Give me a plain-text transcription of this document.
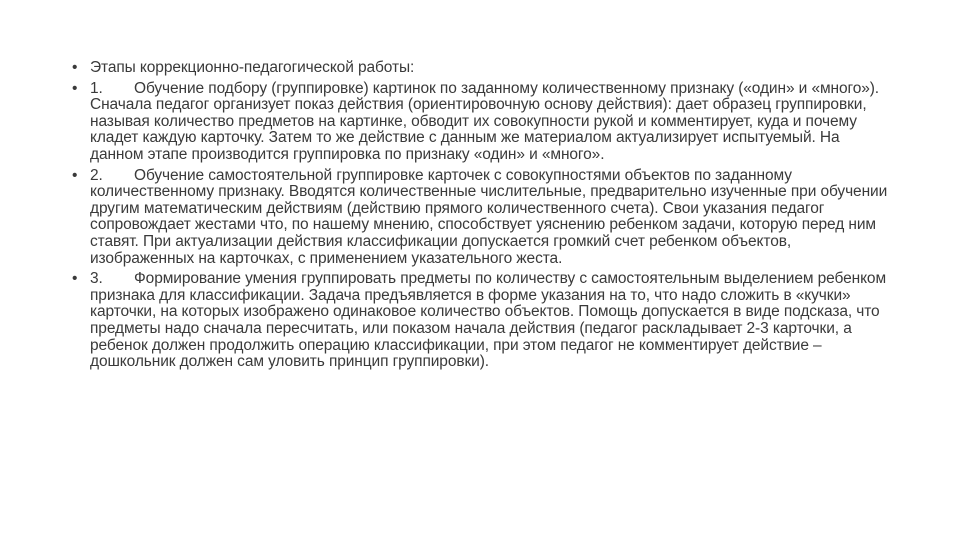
• Этапы коррекционно-педагогической работы:
• 1. Обучение подбору (группировке) картинок по заданному количественному признаку («один» и «много»). Сначала педагог организует показ действия (ориентировочную основу действия): дает образец группировки, называя количество предметов на картинке, обводит их совокупности рукой и комментирует, куда и почему кладет каждую карточку. Затем то же действие с данным же материалом актуализирует испытуемый. На данном этапе производится группировка по признаку «один» и «много».
• 2. Обучение самостоятельной группировке карточек с совокупностями объектов по заданному количественному признаку. Вводятся количественные числительные, предварительно изученные при обучении другим математическим действиям (действию прямого количественного счета). Свои указания педагог сопровождает жестами что, по нашему мнению, способствует уяснению ребенком задачи, которую перед ним ставят. При актуализации действия классификации допускается громкий счет ребенком объектов, изображенных на карточках, с применением указательного жеста.
• 3. Формирование умения группировать предметы по количеству с самостоятельным выделением ребенком признака для классификации. Задача предъявляется в форме указания на то, что надо сложить в «кучки» карточки, на которых изображено одинаковое количество объектов. Помощь допускается в виде подсказа, что предметы надо сначала пересчитать, или показом начала действия (педагог раскладывает 2-3 карточки, а ребенок должен продолжить операцию классификации, при этом педагог не комментирует действие – дошкольник должен сам уловить принцип группировки).
